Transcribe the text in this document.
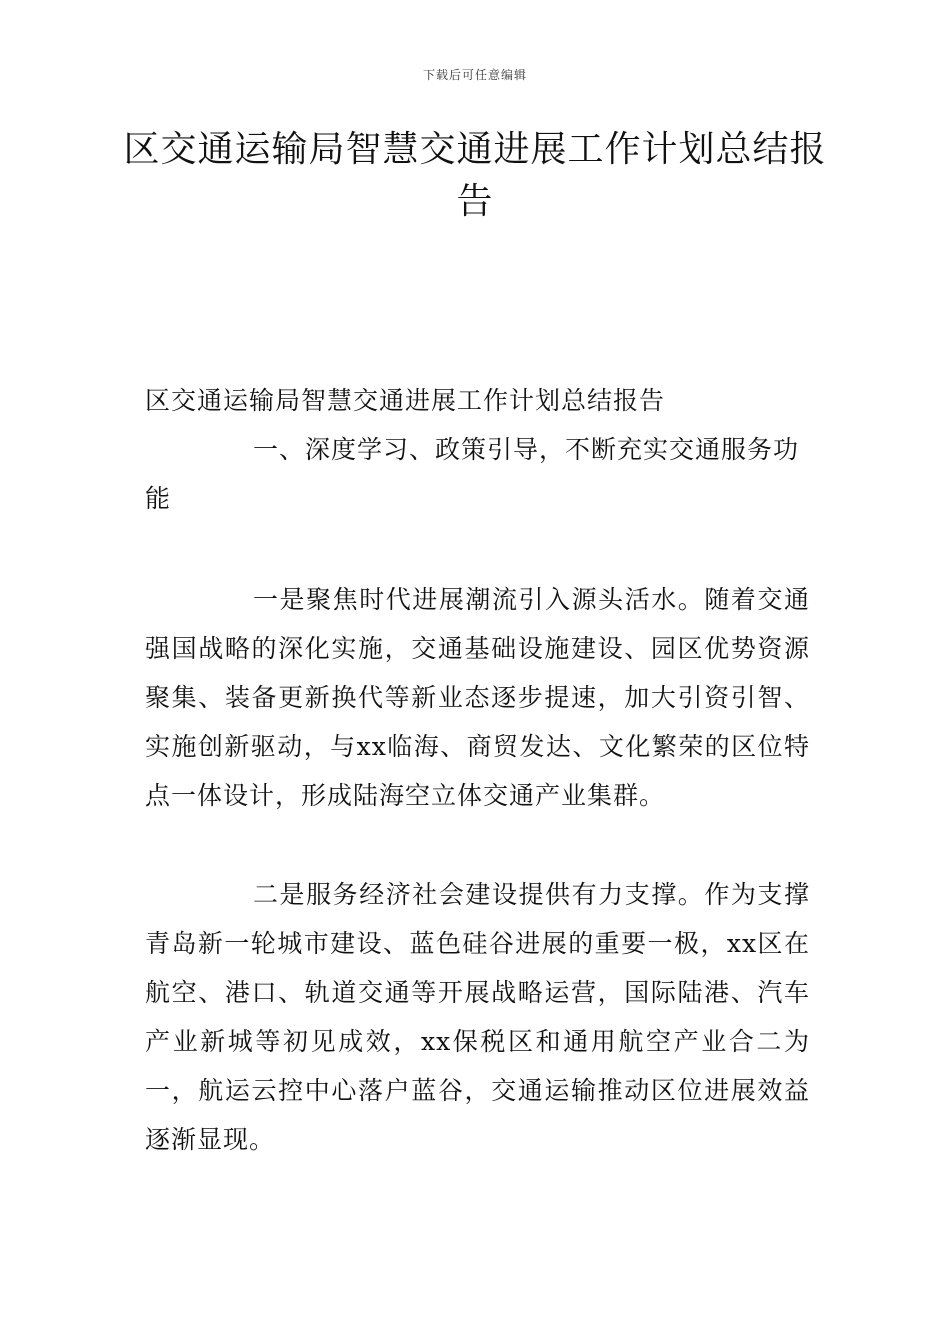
下载后可任意编辑
区交通运输局智慧交通进展工作计划总结报告

区交通运输局智慧交通进展工作计划总结报告

一、深度学习、政策引导，不断充实交通服务功能

一是聚焦时代进展潮流引入源头活水。随着交通强国战略的深化实施，交通基础设施建设、园区优势资源聚集、装备更新换代等新业态逐步提速，加大引资引智、实施创新驱动，与xx临海、商贸发达、文化繁荣的区位特点一体设计，形成陆海空立体交通产业集群。

二是服务经济社会建设提供有力支撑。作为支撑青岛新一轮城市建设、蓝色硅谷进展的重要一极，xx区在航空、港口、轨道交通等开展战略运营，国际陆港、汽车产业新城等初见成效，xx保税区和通用航空产业合二为一，航运云控中心落户蓝谷，交通运输推动区位进展效益逐渐显现。
